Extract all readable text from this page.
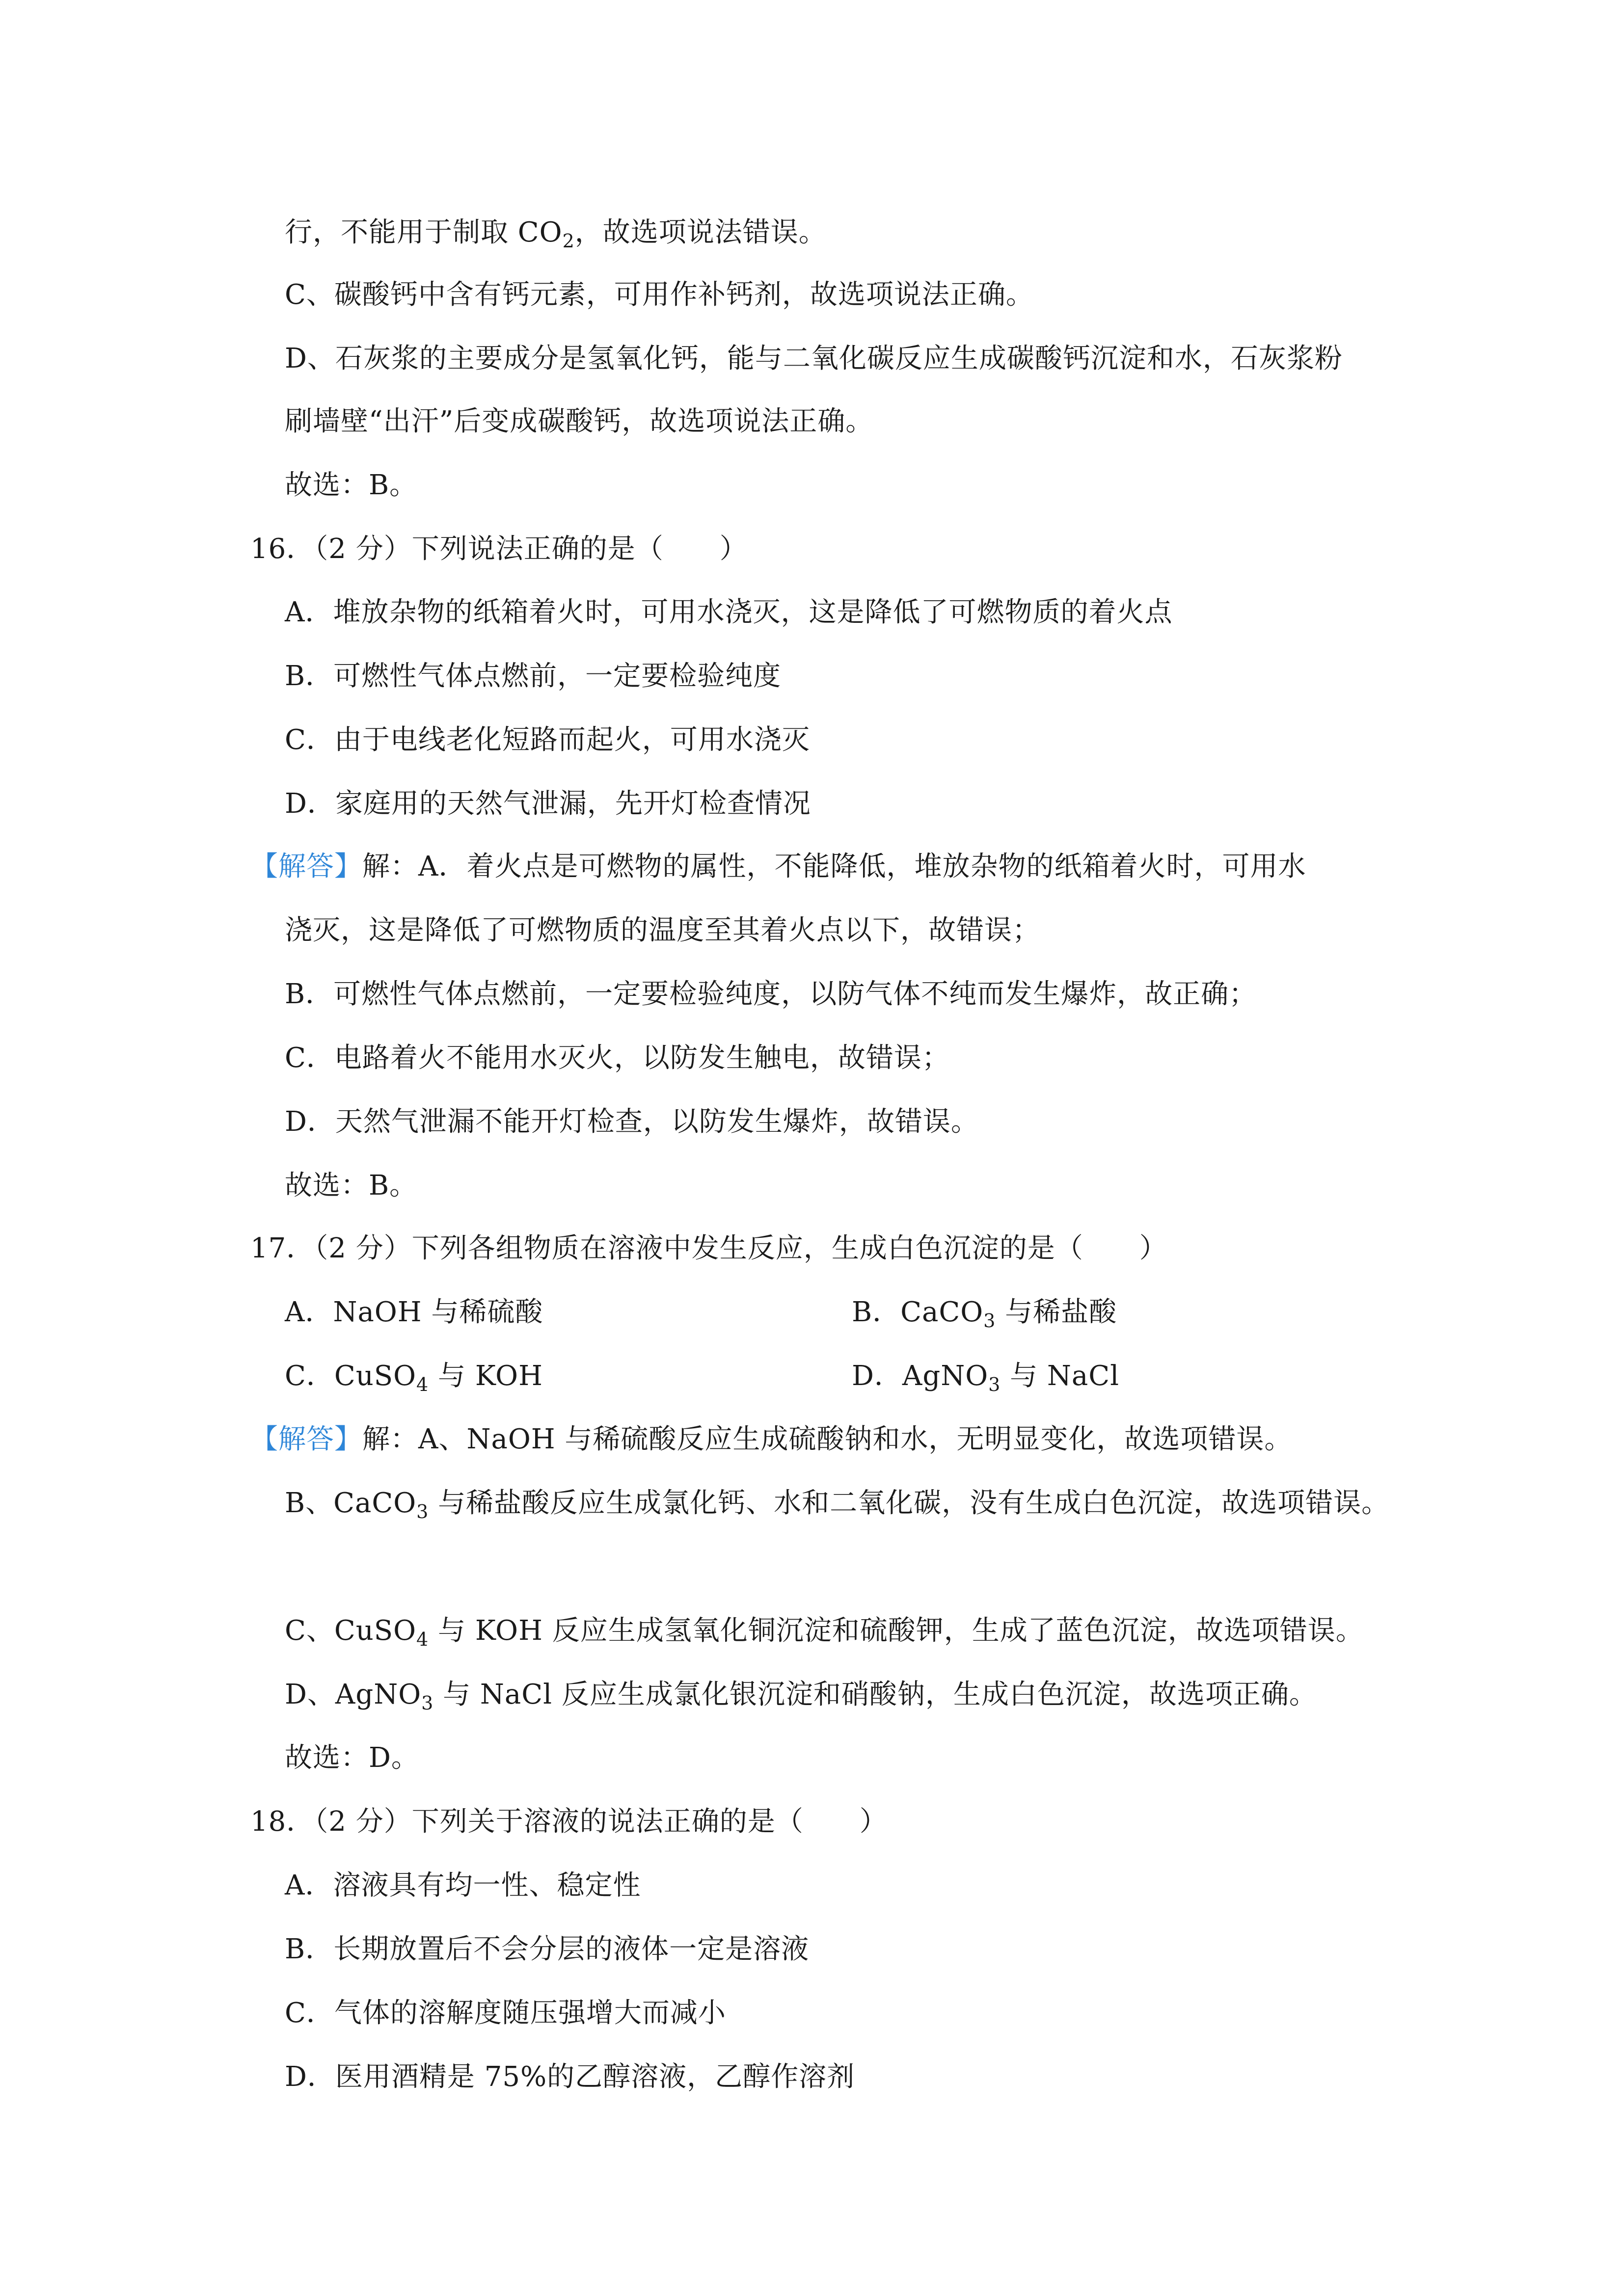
行，不能用于制取 $CO_2$，故选项说法错误。
C、碳酸钙中含有钙元素，可用作补钙剂，故选项说法正确。
D、石灰浆的主要成分是氢氧化钙，能与二氧化碳反应生成碳酸钙沉淀和水，石灰浆粉
刷墙壁“出汗”后变成碳酸钙，故选项说法正确。
故选：B。
16．（2 分）下列说法正确的是（　　）
A．堆放杂物的纸箱着火时，可用水浇灭，这是降低了可燃物质的着火点
B．可燃性气体点燃前，一定要检验纯度
C．由于电线老化短路而起火，可用水浇灭
D．家庭用的天然气泄漏，先开灯检查情况
【解答】解：A．着火点是可燃物的属性，不能降低，堆放杂物的纸箱着火时，可用水
浇灭，这是降低了可燃物质的温度至其着火点以下，故错误；
B．可燃性气体点燃前，一定要检验纯度，以防气体不纯而发生爆炸，故正确；
C．电路着火不能用水灭火，以防发生触电，故错误；
D．天然气泄漏不能开灯检查，以防发生爆炸，故错误。
故选：B。
17．（2 分）下列各组物质在溶液中发生反应，生成白色沉淀的是（　　）
A．NaOH 与稀硫酸	B．CaCO$_3$ 与稀盐酸
C．CuSO$_4$ 与 KOH	D．AgNO$_3$ 与 NaCl
【解答】解：A、NaOH 与稀硫酸反应生成硫酸钠和水，无明显变化，故选项错误。
B、CaCO$_3$ 与稀盐酸反应生成氯化钙、水和二氧化碳，没有生成白色沉淀，故选项错误。
C、CuSO$_4$ 与 KOH 反应生成氢氧化铜沉淀和硫酸钾，生成了蓝色沉淀，故选项错误。
D、AgNO$_3$ 与 NaCl 反应生成氯化银沉淀和硝酸钠，生成白色沉淀，故选项正确。
故选：D。
18．（2 分）下列关于溶液的说法正确的是（　　）
A．溶液具有均一性、稳定性
B．长期放置后不会分层的液体一定是溶液
C．气体的溶解度随压强增大而减小
D．医用酒精是 75%的乙醇溶液，乙醇作溶剂
